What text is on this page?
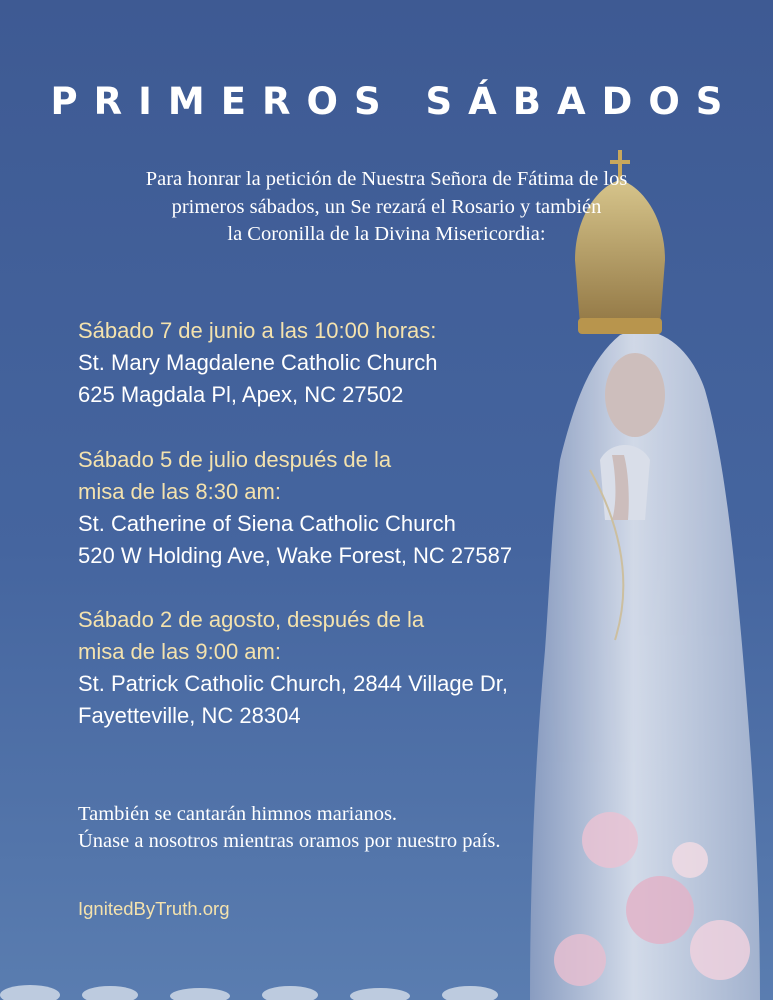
PRIMEROS SÁBADOS
Para honrar la petición de Nuestra Señora de Fátima de los
primeros sábados, un Se rezará el Rosario y también
la Coronilla de la Divina Misericordia:
Sábado 7 de junio a las 10:00 horas:
St. Mary Magdalene Catholic Church
625 Magdala Pl, Apex, NC 27502
Sábado 5 de julio después de la
misa de las 8:30 am:
St. Catherine of Siena Catholic Church
520 W Holding Ave, Wake Forest, NC 27587
Sábado 2 de agosto, después de la
misa de las 9:00 am:
St. Patrick Catholic Church, 2844 Village Dr,
Fayetteville, NC 28304
También se cantarán himnos marianos.
Únase a nosotros mientras oramos por nuestro país.
IgnitedByTruth.org
